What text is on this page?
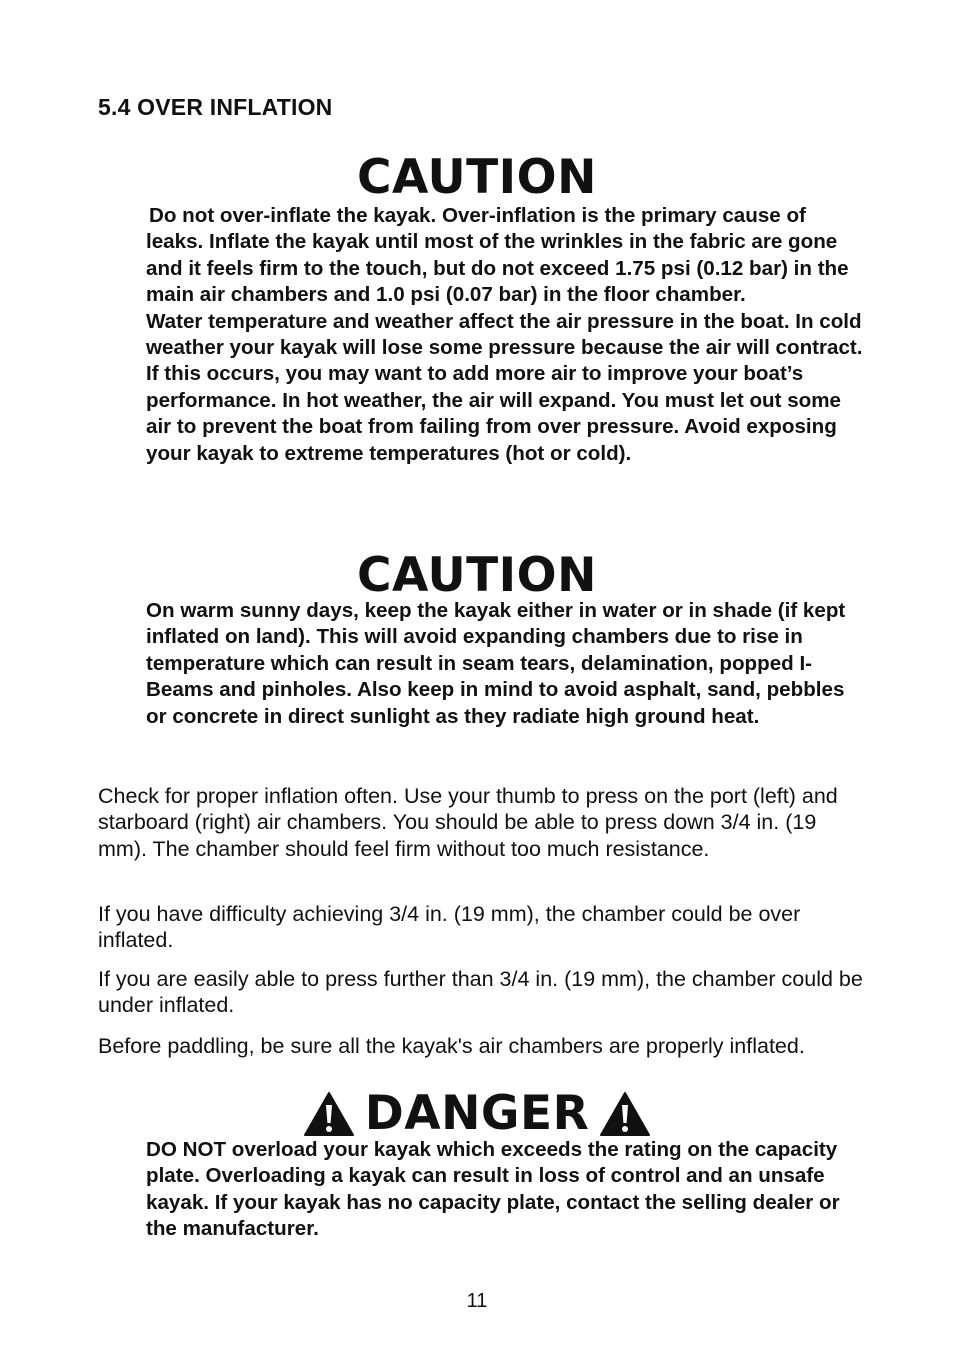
5.4 OVER INFLATION
CAUTION

Do not over-inflate the kayak. Over-inflation is the primary cause of leaks. Inflate the kayak until most of the wrinkles in the fabric are gone and it feels firm to the touch, but do not exceed 1.75 psi (0.12 bar) in the main air chambers and 1.0 psi (0.07 bar) in the floor chamber.

Water temperature and weather affect the air pressure in the boat. In cold weather your kayak will lose some pressure because the air will contract. If this occurs, you may want to add more air to improve your boat’s performance. In hot weather, the air will expand. You must let out some air to prevent the boat from failing from over pressure. Avoid exposing your kayak to extreme temperatures (hot or cold).

CAUTION

On warm sunny days, keep the kayak either in water or in shade (if kept inflated on land). This will avoid expanding chambers due to rise in temperature which can result in seam tears, delamination, popped I-Beams and pinholes. Also keep in mind to avoid asphalt, sand, pebbles or concrete in direct sunlight as they radiate high ground heat.

Check for proper inflation often. Use your thumb to press on the port (left) and starboard (right) air chambers. You should be able to press down 3/4 in. (19 mm). The chamber should feel firm without too much resistance.

If you have difficulty achieving 3/4 in. (19 mm), the chamber could be over inflated.

If you are easily able to press further than 3/4 in. (19 mm), the chamber could be under inflated.

Before paddling, be sure all the kayak's air chambers are properly inflated.

DANGER

DO NOT overload your kayak which exceeds the rating on the capacity plate. Overloading a kayak can result in loss of control and an unsafe kayak. If your kayak has no capacity plate, contact the selling dealer or the manufacturer.

11
